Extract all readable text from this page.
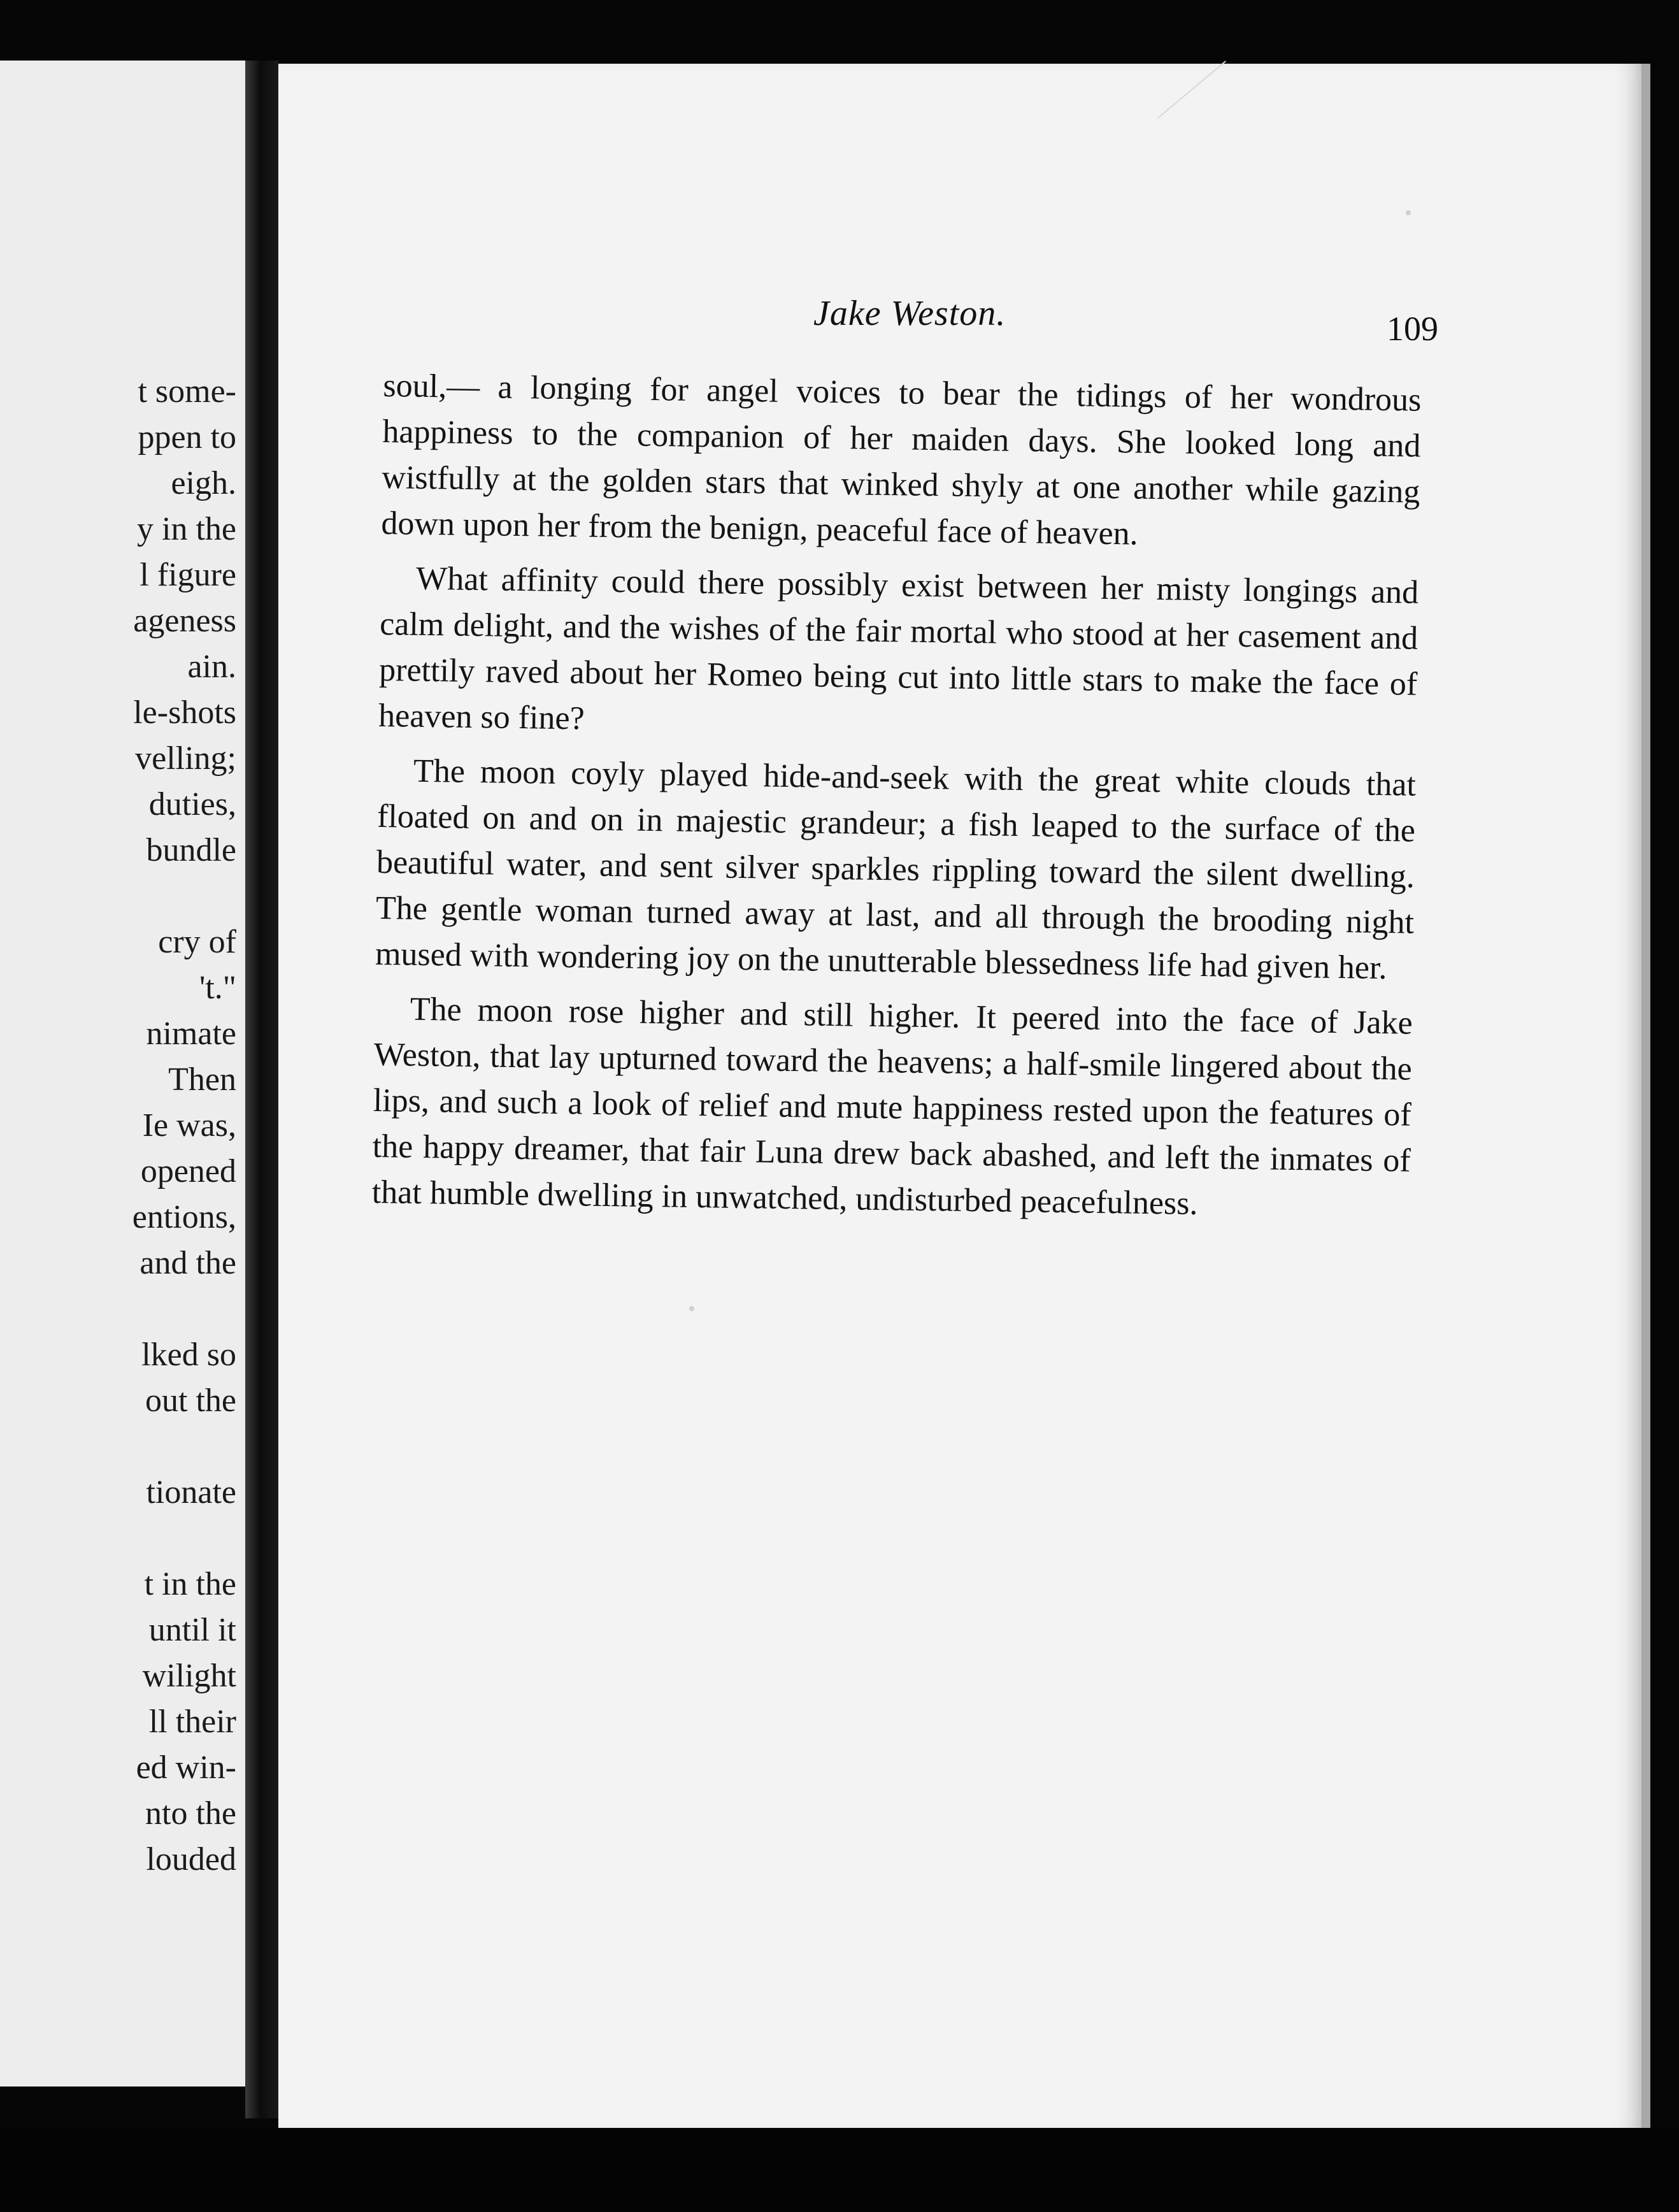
t some-
ppen to
eigh.
y in the
l figure
ageness
ain.
le-shots
velling;
duties,
bundle
cry of
't."
nimate
Then
Ie was,
opened
entions,
and the
lked so
out the
tionate
t in the
until it
wilight
ll their
ed win-
nto the
louded
Jake Weston.	109

soul,— a longing for angel voices to bear the tidings of her wondrous happiness to the companion of her maiden days. She looked long and wistfully at the golden stars that winked shyly at one another while gazing down upon her from the benign, peaceful face of heaven.

What affinity could there possibly exist between her misty longings and calm delight, and the wishes of the fair mortal who stood at her casement and prettily raved about her Romeo being cut into little stars to make the face of heaven so fine?

The moon coyly played hide-and-seek with the great white clouds that floated on and on in majestic grandeur; a fish leaped to the surface of the beautiful water, and sent silver sparkles rippling toward the silent dwelling. The gentle woman turned away at last, and all through the brooding night mused with wondering joy on the unutterable blessedness life had given her.

The moon rose higher and still higher. It peered into the face of Jake Weston, that lay upturned toward the heavens; a half-smile lingered about the lips, and such a look of relief and mute happiness rested upon the features of the happy dreamer, that fair Luna drew back abashed, and left the inmates of that humble dwelling in unwatched, undisturbed peacefulness.
